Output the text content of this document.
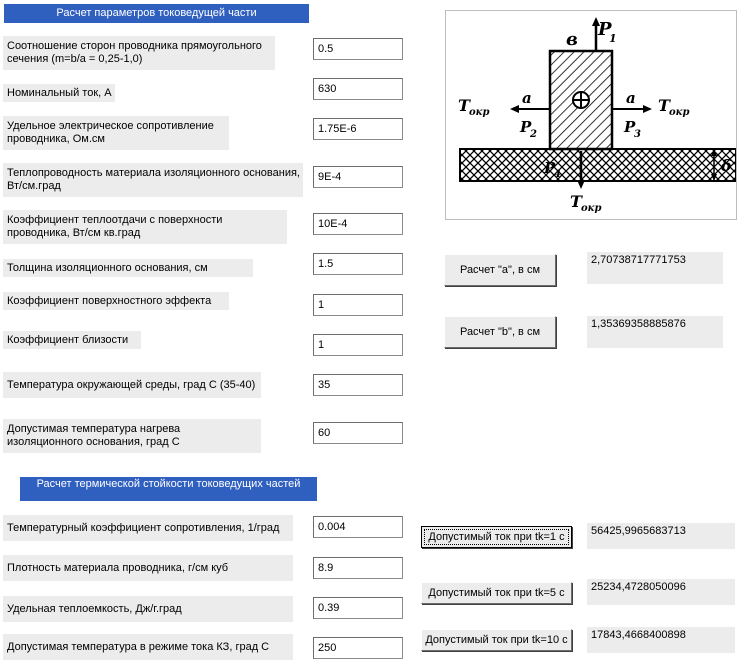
Расчет параметров токоведущей части
Соотношение сторон проводника прямоугольного сечения (m=b/a = 0,25-1,0)
0.5
Номинальный ток, А
630
Удельное электрическое сопротивление проводника, Ом.см
1.75E-6
Теплопроводность материала изоляционного основания, Вт/см.град
9E-4
Коэффициент теплоотдачи с поверхности проводника, Вт/см кв.град
10E-4
Толщина изоляционного основания, см
1.5
Коэффициент поверхностного эффекта
1
Коэффициент близости
1
Температура окружающей среды, град С (35-40)
35
Допустимая температура нагрева изоляционного основания, град С
60
Расчет термической стойкости токоведущих частей
Температурный коэффициент сопротивления, 1/град
0.004
Плотность материала проводника, г/см куб
8.9
Удельная теплоемкость, Дж/г.град
0.39
Допустимая температура в режиме тока КЗ, град С
250
в P
1
T окр
a
P
2
a
P
3
T окр
P
4	δ
T окр
Расчет "a", в см
2,70738717771753
Расчет "b", в см
1,35369358885876
Допустимый ток при tk=1 с	56425,9965683713
Допустимый ток при tk=5 с	25234,4728050096
Допустимый ток при tk=10 с	17843,4668400898
